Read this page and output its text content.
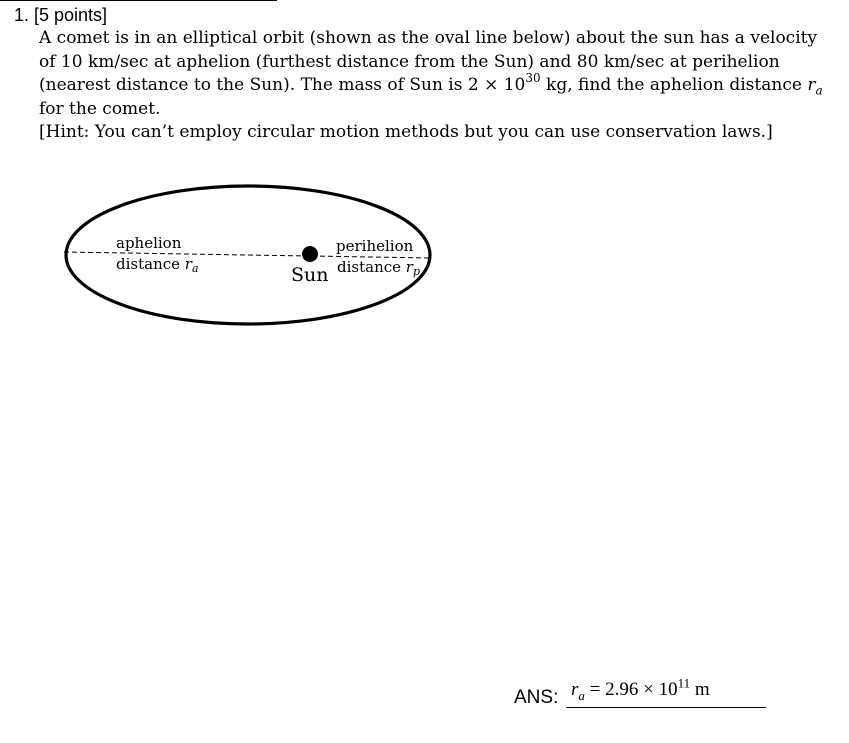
1. [5 points]

A comet is in an elliptical orbit (shown as the oval line below) about the sun has a velocity of 10 km/sec at aphelion (furthest distance from the Sun) and 80 km/sec at perihelion (nearest distance to the Sun). The mass of Sun is $2 \times 10^{30}$ kg, find the aphelion distance $r_a$ for the comet.

[Hint: You can’t employ circular motion methods but you can use conservation laws.]

aphelion
distance $r_a$	Sun
perihelion
distance $r_p$
ANS: $r_a = 2.96 \times 10^{11}$ m
